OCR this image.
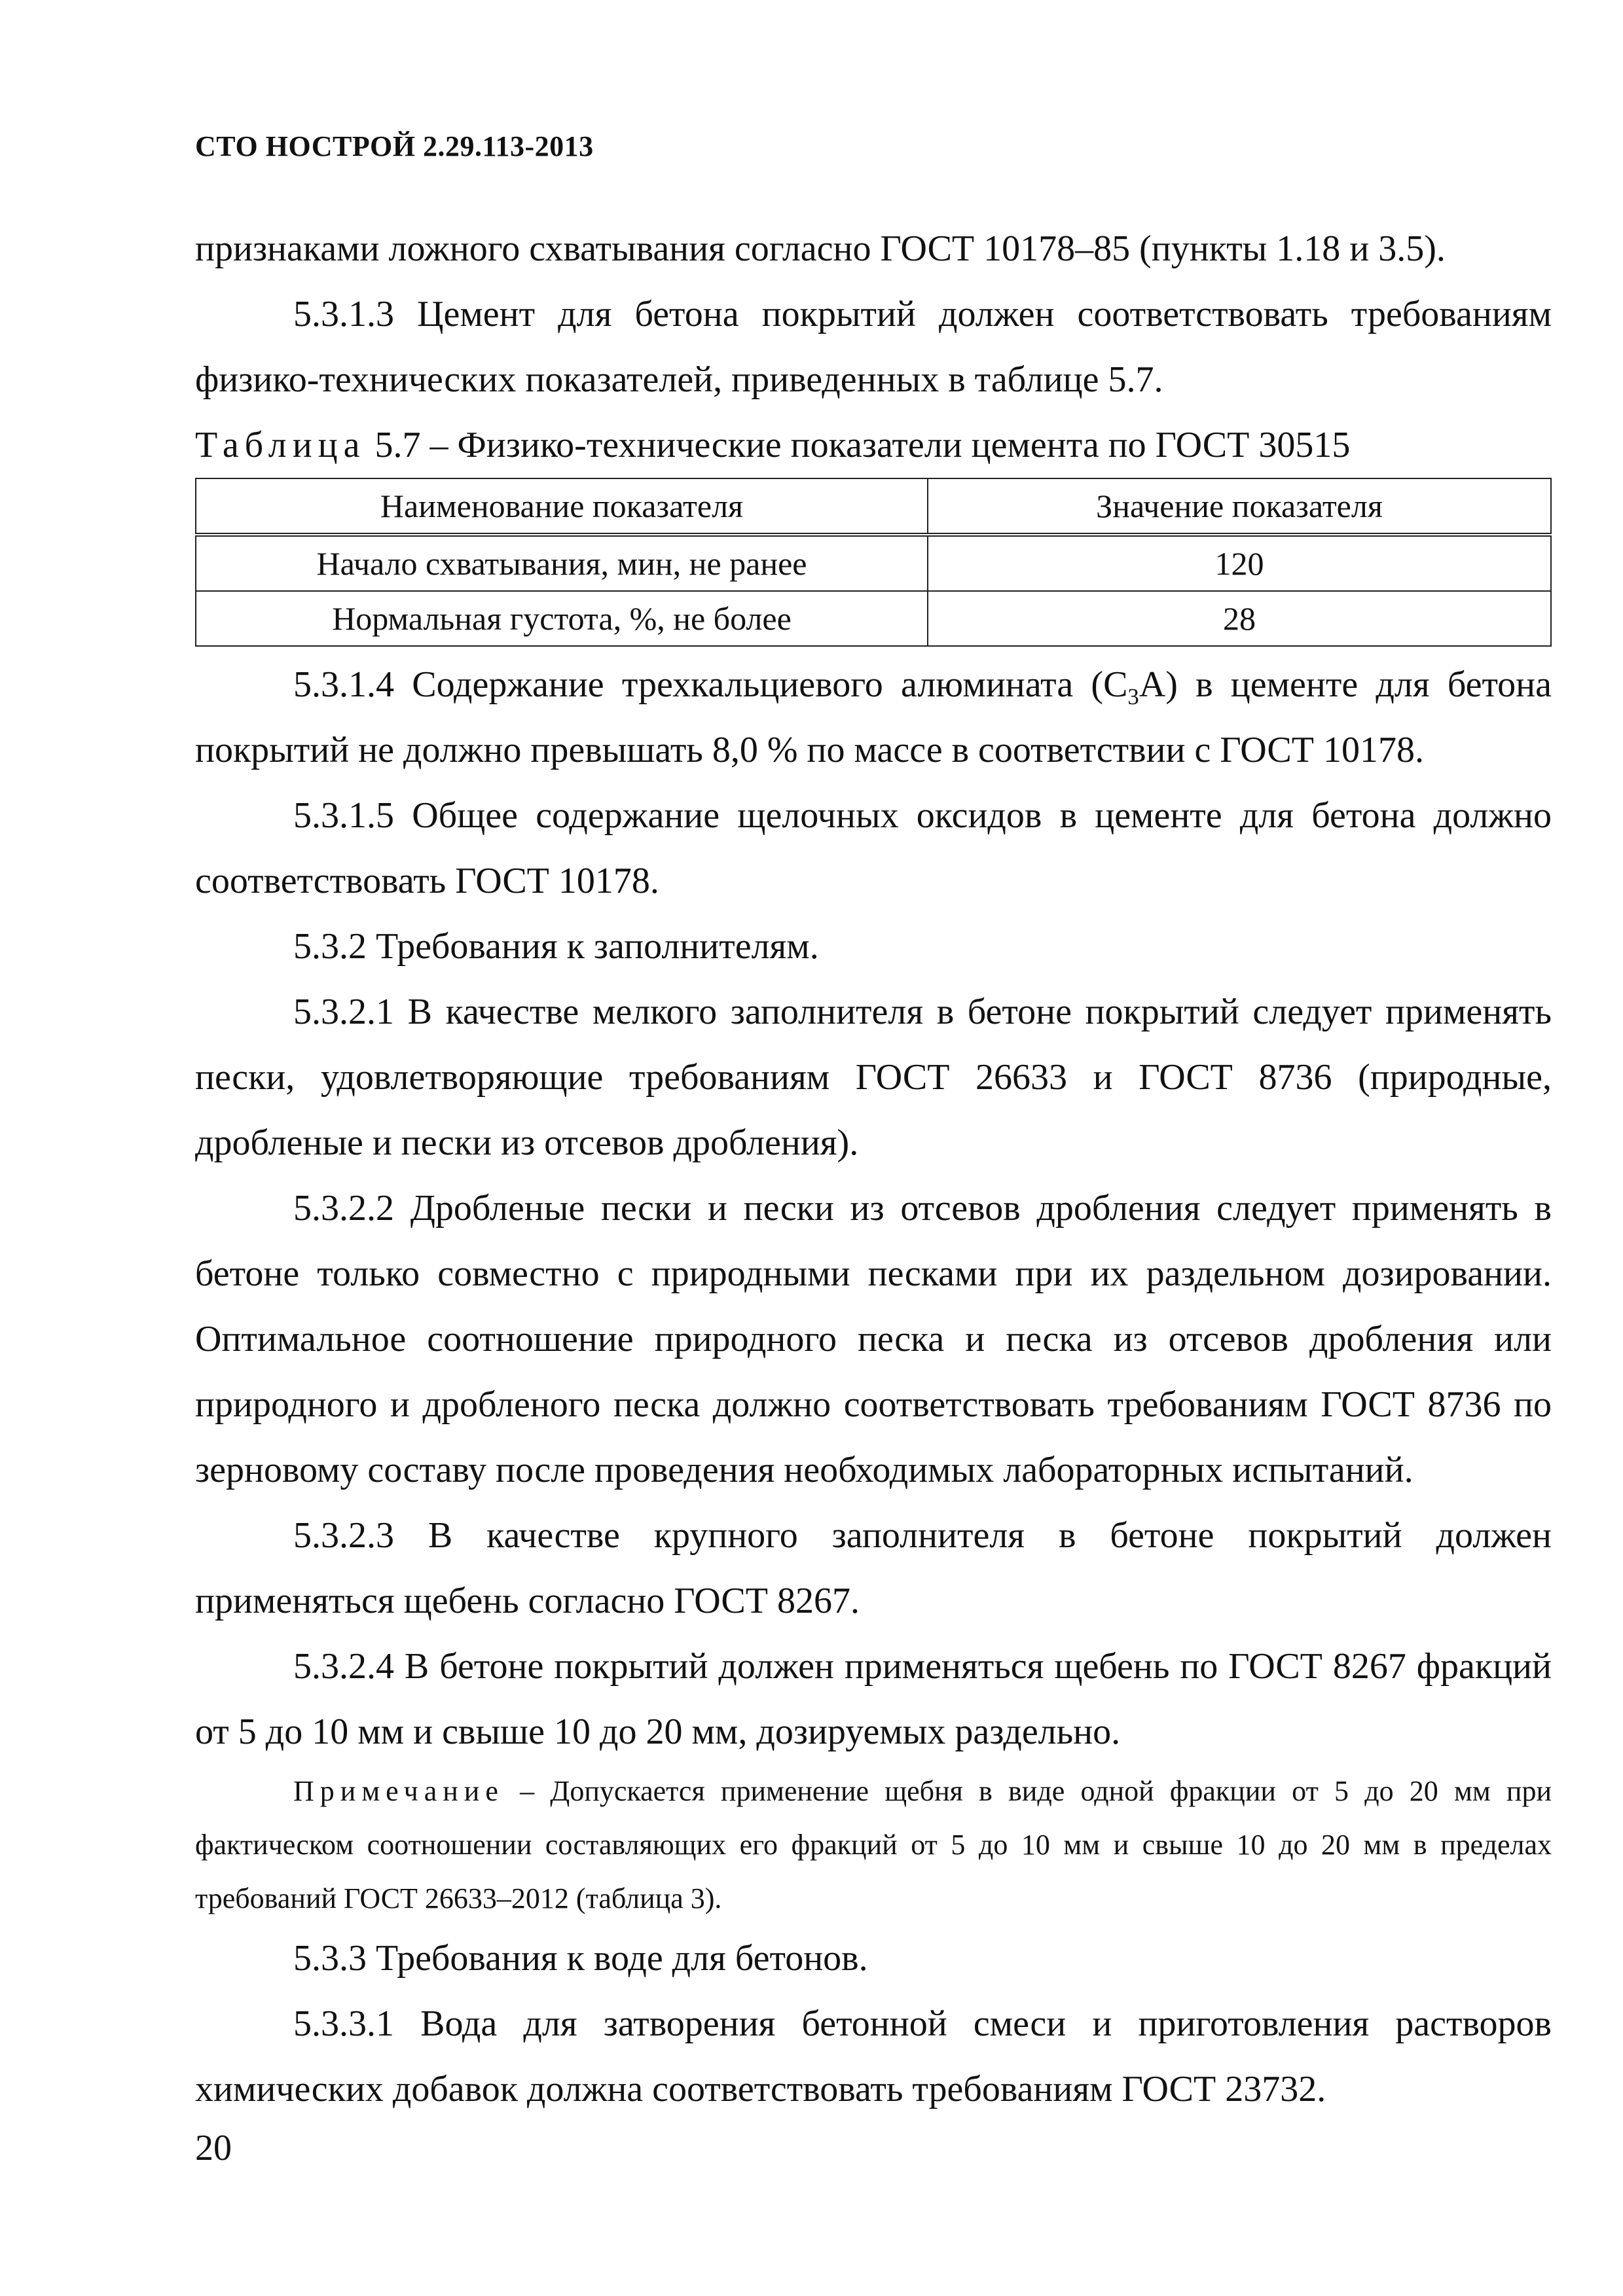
СТО НОСТРОЙ 2.29.113-2013

признаками ложного схватывания согласно ГОСТ 10178–85 (пункты 1.18 и 3.5).

5.3.1.3 Цемент для бетона покрытий должен соответствовать требованиям физико-технических показателей, приведенных в таблице 5.7.

Таблица 5.7 – Физико-технические показатели цемента по ГОСТ 30515

Наименование показателя	Значение показателя
Начало схватывания, мин, не ранее	120
Нормальная густота, %, не более	28

5.3.1.4 Содержание трехкальциевого алюмината $(C_3A)$ в цементе для бетона покрытий не должно превышать 8,0 % по массе в соответствии с ГОСТ 10178.

5.3.1.5 Общее содержание щелочных оксидов в цементе для бетона должно соответствовать ГОСТ 10178.

5.3.2 Требования к заполнителям.

5.3.2.1 В качестве мелкого заполнителя в бетоне покрытий следует применять пески, удовлетворяющие требованиям ГОСТ 26633 и ГОСТ 8736 (природные, дробленые и пески из отсевов дробления).

5.3.2.2 Дробленые пески и пески из отсевов дробления следует применять в бетоне только совместно с природными песками при их раздельном дозировании. Оптимальное соотношение природного песка и песка из отсевов дробления или природного и дробленого песка должно соответствовать требованиям ГОСТ 8736 по зерновому составу после проведения необходимых лабораторных испытаний.

5.3.2.3 В качестве крупного заполнителя в бетоне покрытий должен применяться щебень согласно ГОСТ 8267.

5.3.2.4 В бетоне покрытий должен применяться щебень по ГОСТ 8267 фракций от 5 до 10 мм и свыше 10 до 20 мм, дозируемых раздельно.

Примечание – Допускается применение щебня в виде одной фракции от 5 до 20 мм при фактическом соотношении составляющих его фракций от 5 до 10 мм и свыше 10 до 20 мм в пределах требований ГОСТ 26633–2012 (таблица 3).

5.3.3 Требования к воде для бетонов.

5.3.3.1 Вода для затворения бетонной смеси и приготовления растворов химических добавок должна соответствовать требованиям ГОСТ 23732.

20
